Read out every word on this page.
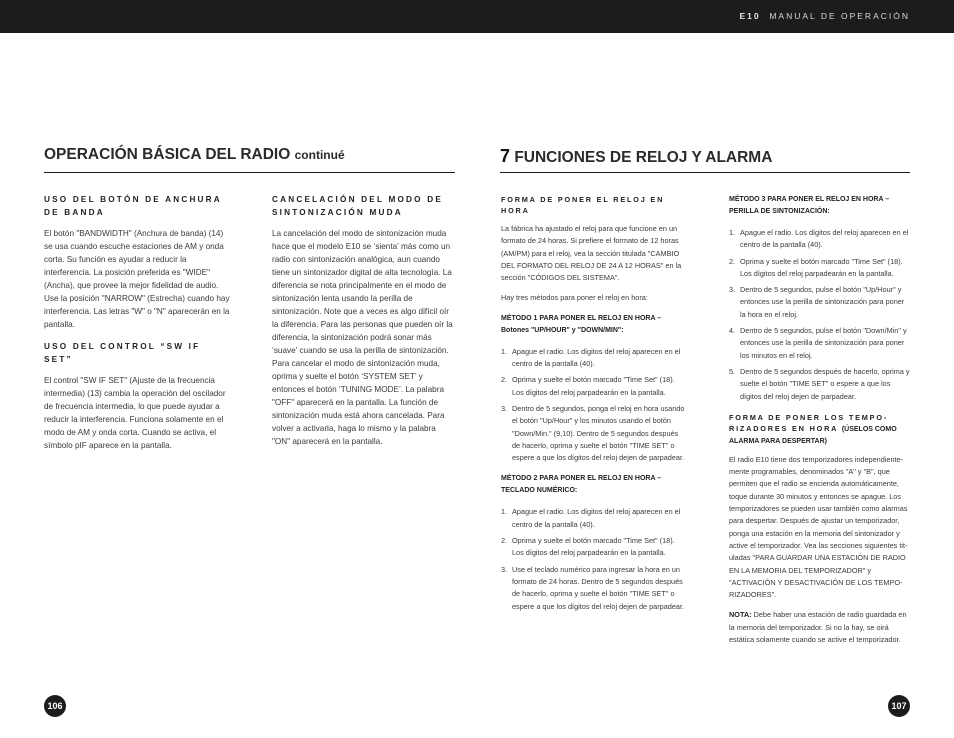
E10 MANUAL DE OPERACIÓN
OPERACIÓN BÁSICA DEL RADIO continué
USO DEL BOTÓN DE ANCHURA DE BANDA

El botón "BANDWIDTH" (Anchura de banda) (14) se usa cuando escuche estaciones de AM y onda corta. Su función es ayudar a reducir la interferencia. La posición preferida es "WIDE" (Ancha), que provee la mejor fidelidad de audio. Use la posición "NARROW" (Estrecha) cuando hay interferencia. Las letras "W" o "N" aparecerán en la pantalla.

USO DEL CONTROL “SW IF SET”

El control "SW IF SET" (Ajuste de la frecuencia intermedia) (13) cambia la operación del oscilador de frecuencia intermedia, lo que puede ayudar a reducir la interferencia. Funciona solamente en el modo de AM y onda corta. Cuando se activa, el símbolo pIF aparece en la pantalla.

CANCELACIÓN DEL MODO DE SINTONIZACIÓN MUDA

La cancelación del modo de sintonización muda hace que el modelo E10 se ‘sienta’ más como un radio con sintonización analógica, aun cuando tiene un sintonizador digital de alta tecnología. La diferencia se nota principalmente en el modo de sintonización lenta usando la perilla de sintonización. Note que a veces es algo difícil oír la diferencia. Para las personas que pueden oír la diferencia, la sintonización podrá sonar más ‘suave’ cuando se usa la perilla de sintonización. Para cancelar el modo de sintonización muda, oprima y suelte el botón ‘SYSTEM SET’ y entonces el botón ‘TUNING MODE’. La palabra "OFF" aparecerá en la pantalla. La función de sintonización muda está ahora cancelada. Para volver a activarla, haga lo mismo y la palabra "ON" aparecerá en la pantalla.

106
7 FUNCIONES DE RELOJ Y ALARMA
FORMA DE PONER EL RELOJ EN HORA

La fábrica ha ajustado el reloj para que funcione en un formato de 24 horas. Si prefiere el formato de 12 horas (AM/PM) para el reloj, vea la sección titulada "CAMBIO DEL FORMATO DEL RELOJ DE 24 A 12 HORAS" en la sección "CÓDIGOS DEL SISTEMA".

Hay tres métodos para poner el reloj en hora:

MÉTODO 1 PARA PONER EL RELOJ EN HORA – Botones "UP/HOUR" y "DOWN/MIN":
1. Apague el radio. Los dígitos del reloj aparecen en el centro de la pantalla (40).
2. Oprima y suelte el botón marcado "Time Set" (18). Los dígitos del reloj parpadearán en la pantalla.
3. Dentro de 5 segundos, ponga el reloj en hora usando el botón "Up/Hour" y los minutos usando el botón "Down/Min." (9,10). Dentro de 5 segundos después de hacerlo, oprima y suelte el botón "TIME SET" o espere a que los dígitos del reloj dejen de parpadear.
MÉTODO 2 PARA PONER EL RELOJ EN HORA – TECLADO NUMÉRICO:
1. Apague el radio. Los dígitos del reloj aparecen en el centro de la pantalla (40).
2. Oprima y suelte el botón marcado "Time Set" (18). Los dígitos del reloj parpadearán en la pantalla.
3. Use el teclado numérico para ingresar la hora en un formato de 24 horas. Dentro de 5 segundos después de hacerlo, oprima y suelte el botón "TIME SET" o espere a que los dígitos del reloj dejen de parpadear.
MÉTODO 3 PARA PONER EL RELOJ EN HORA – PERILLA DE SINTONIZACIÓN:
1. Apague el radio. Los dígitos del reloj aparecen en el centro de la pantalla (40).
2. Oprima y suelte el botón marcado "Time Set" (18). Los dígitos del reloj parpadearán en la pantalla.
3. Dentro de 5 segundos, pulse el botón "Up/Hour" y entonces use la perilla de sintonización para poner la hora en el reloj.
4. Dentro de 5 segundos, pulse el botón "Down/Min" y entonces use la perilla de sintonización para poner los minutos en el reloj.
5. Dentro de 5 segundos después de hacerlo, oprima y suelte el botón "TIME SET" o espere a que los dígitos del reloj dejen de parpadear.
FORMA DE PONER LOS TEMPO-RIZADORES EN HORA (ÚSELOS COMO ALARMA PARA DESPERTAR)

El radio E10 tiene dos temporizadores independiente-mente programables, denominados "A" y "B", que permiten que el radio se encienda automáticamente, toque durante 30 minutos y entonces se apague. Los temporizadores se pueden usar también como alarmas para despertar. Después de ajustar un temporizador, ponga una estación en la memoria del sintonizador y active el temporizador. Vea las secciones siguientes tit-uladas "PARA GUARDAR UNA ESTACIÓN DE RADIO EN LA MEMORIA DEL TEMPORIZADOR" y "ACTIVACIÓN Y DESACTIVACIÓN DE LOS TEMPO-RIZADORES".

NOTA: Debe haber una estación de radio guardada en la memoria del temporizador. Si no la hay, se oirá estática solamente cuando se active el temporizador.

107
